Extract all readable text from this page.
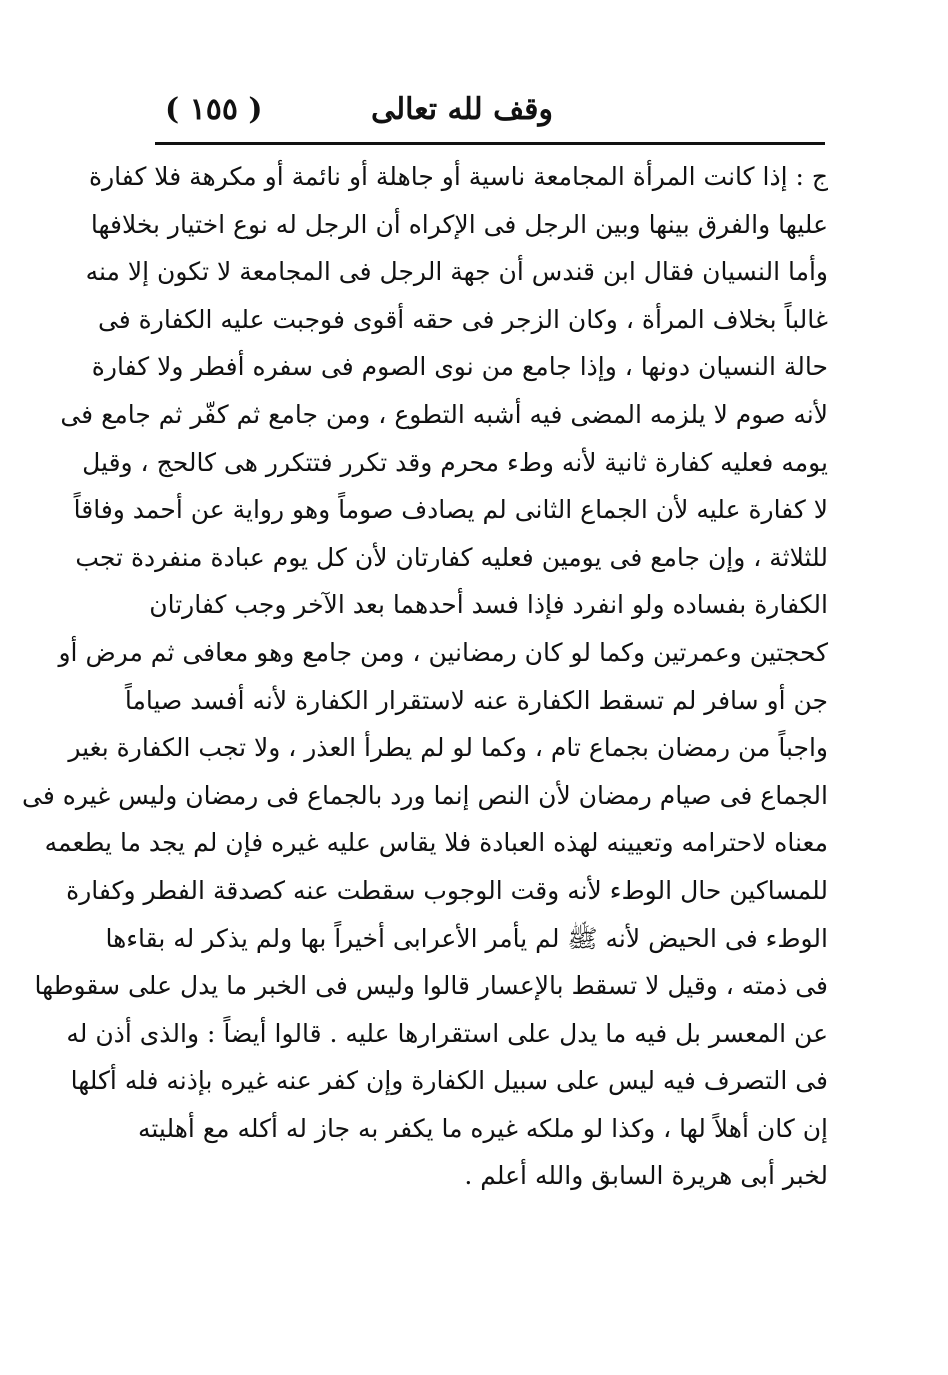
وقف لله تعالى
( ١٥٥ )
ج : إذا كانت المرأة المجامعة ناسية أو جاهلة أو نائمة أو مكرهة فلا كفارة
عليها والفرق بينها وبين الرجل فى الإكراه أن الرجل له نوع اختيار بخلافها
وأما النسيان فقال ابن قندس أن جهة الرجل فى المجامعة لا تكون إلا منه
غالباً بخلاف المرأة ، وكان الزجر فى حقه أقوى فوجبت عليه الكفارة فى
حالة النسيان دونها ، وإذا جامع من نوى الصوم فى سفره أفطر ولا كفارة
لأنه صوم لا يلزمه المضى فيه أشبه التطوع ، ومن جامع ثم كفّر ثم جامع فى
يومه فعليه كفارة ثانية لأنه وطء محرم وقد تكرر فتتكرر هى كالحج ، وقيل
لا كفارة عليه لأن الجماع الثانى لم يصادف صوماً وهو رواية عن أحمد وفاقاً
للثلاثة ، وإن جامع فى يومين فعليه كفارتان لأن كل يوم عبادة منفردة تجب
الكفارة بفساده ولو انفرد فإذا فسد أحدهما بعد الآخر وجب كفارتان
كحجتين وعمرتين وكما لو كان رمضانين ، ومن جامع وهو معافى ثم مرض أو
جن أو سافر لم تسقط الكفارة عنه لاستقرار الكفارة لأنه أفسد صياماً
واجباً من رمضان بجماع تام ، وكما لو لم يطرأ العذر ، ولا تجب الكفارة بغير
الجماع فى صيام رمضان لأن النص إنما ورد بالجماع فى رمضان وليس غيره فى
معناه لاحترامه وتعيينه لهذه العبادة فلا يقاس عليه غيره فإن لم يجد ما يطعمه
للمساكين حال الوطء لأنه وقت الوجوب سقطت عنه كصدقة الفطر وكفارة
الوطء فى الحيض لأنه ﷺ لم يأمر الأعرابى أخيراً بها ولم يذكر له بقاءها
فى ذمته ، وقيل لا تسقط بالإعسار قالوا وليس فى الخبر ما يدل على سقوطها
عن المعسر بل فيه ما يدل على استقرارها عليه . قالوا أيضاً : والذى أذن له
فى التصرف فيه ليس على سبيل الكفارة وإن كفر عنه غيره بإذنه فله أكلها
إن كان أهلاً لها ، وكذا لو ملكه غيره ما يكفر به جاز له أكله مع أهليته
لخبر أبى هريرة السابق والله أعلم .
